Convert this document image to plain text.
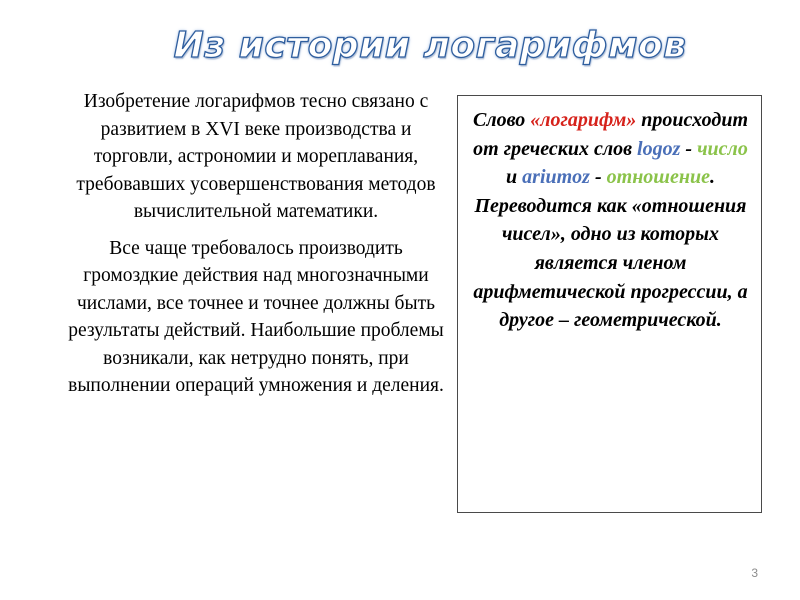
Из истории логарифмов

Изобретение логарифмов тесно связано с развитием в XVI веке производства и торговли, астрономии и мореплавания, требовавших усовершенствования методов вычислительной математики.

Все чаще требовалось производить громоздкие действия над многозначными числами, все точнее и точнее должны быть результаты действий. Наибольшие проблемы возникали, как нетрудно понять, при выполнении операций умножения и деления.

Слово «логарифм» происходит от греческих слов logoz - число и ariumoz - отношение. Переводится как «отношения чисел», одно из которых является членом арифметической прогрессии, а другое – геометрической.
3
